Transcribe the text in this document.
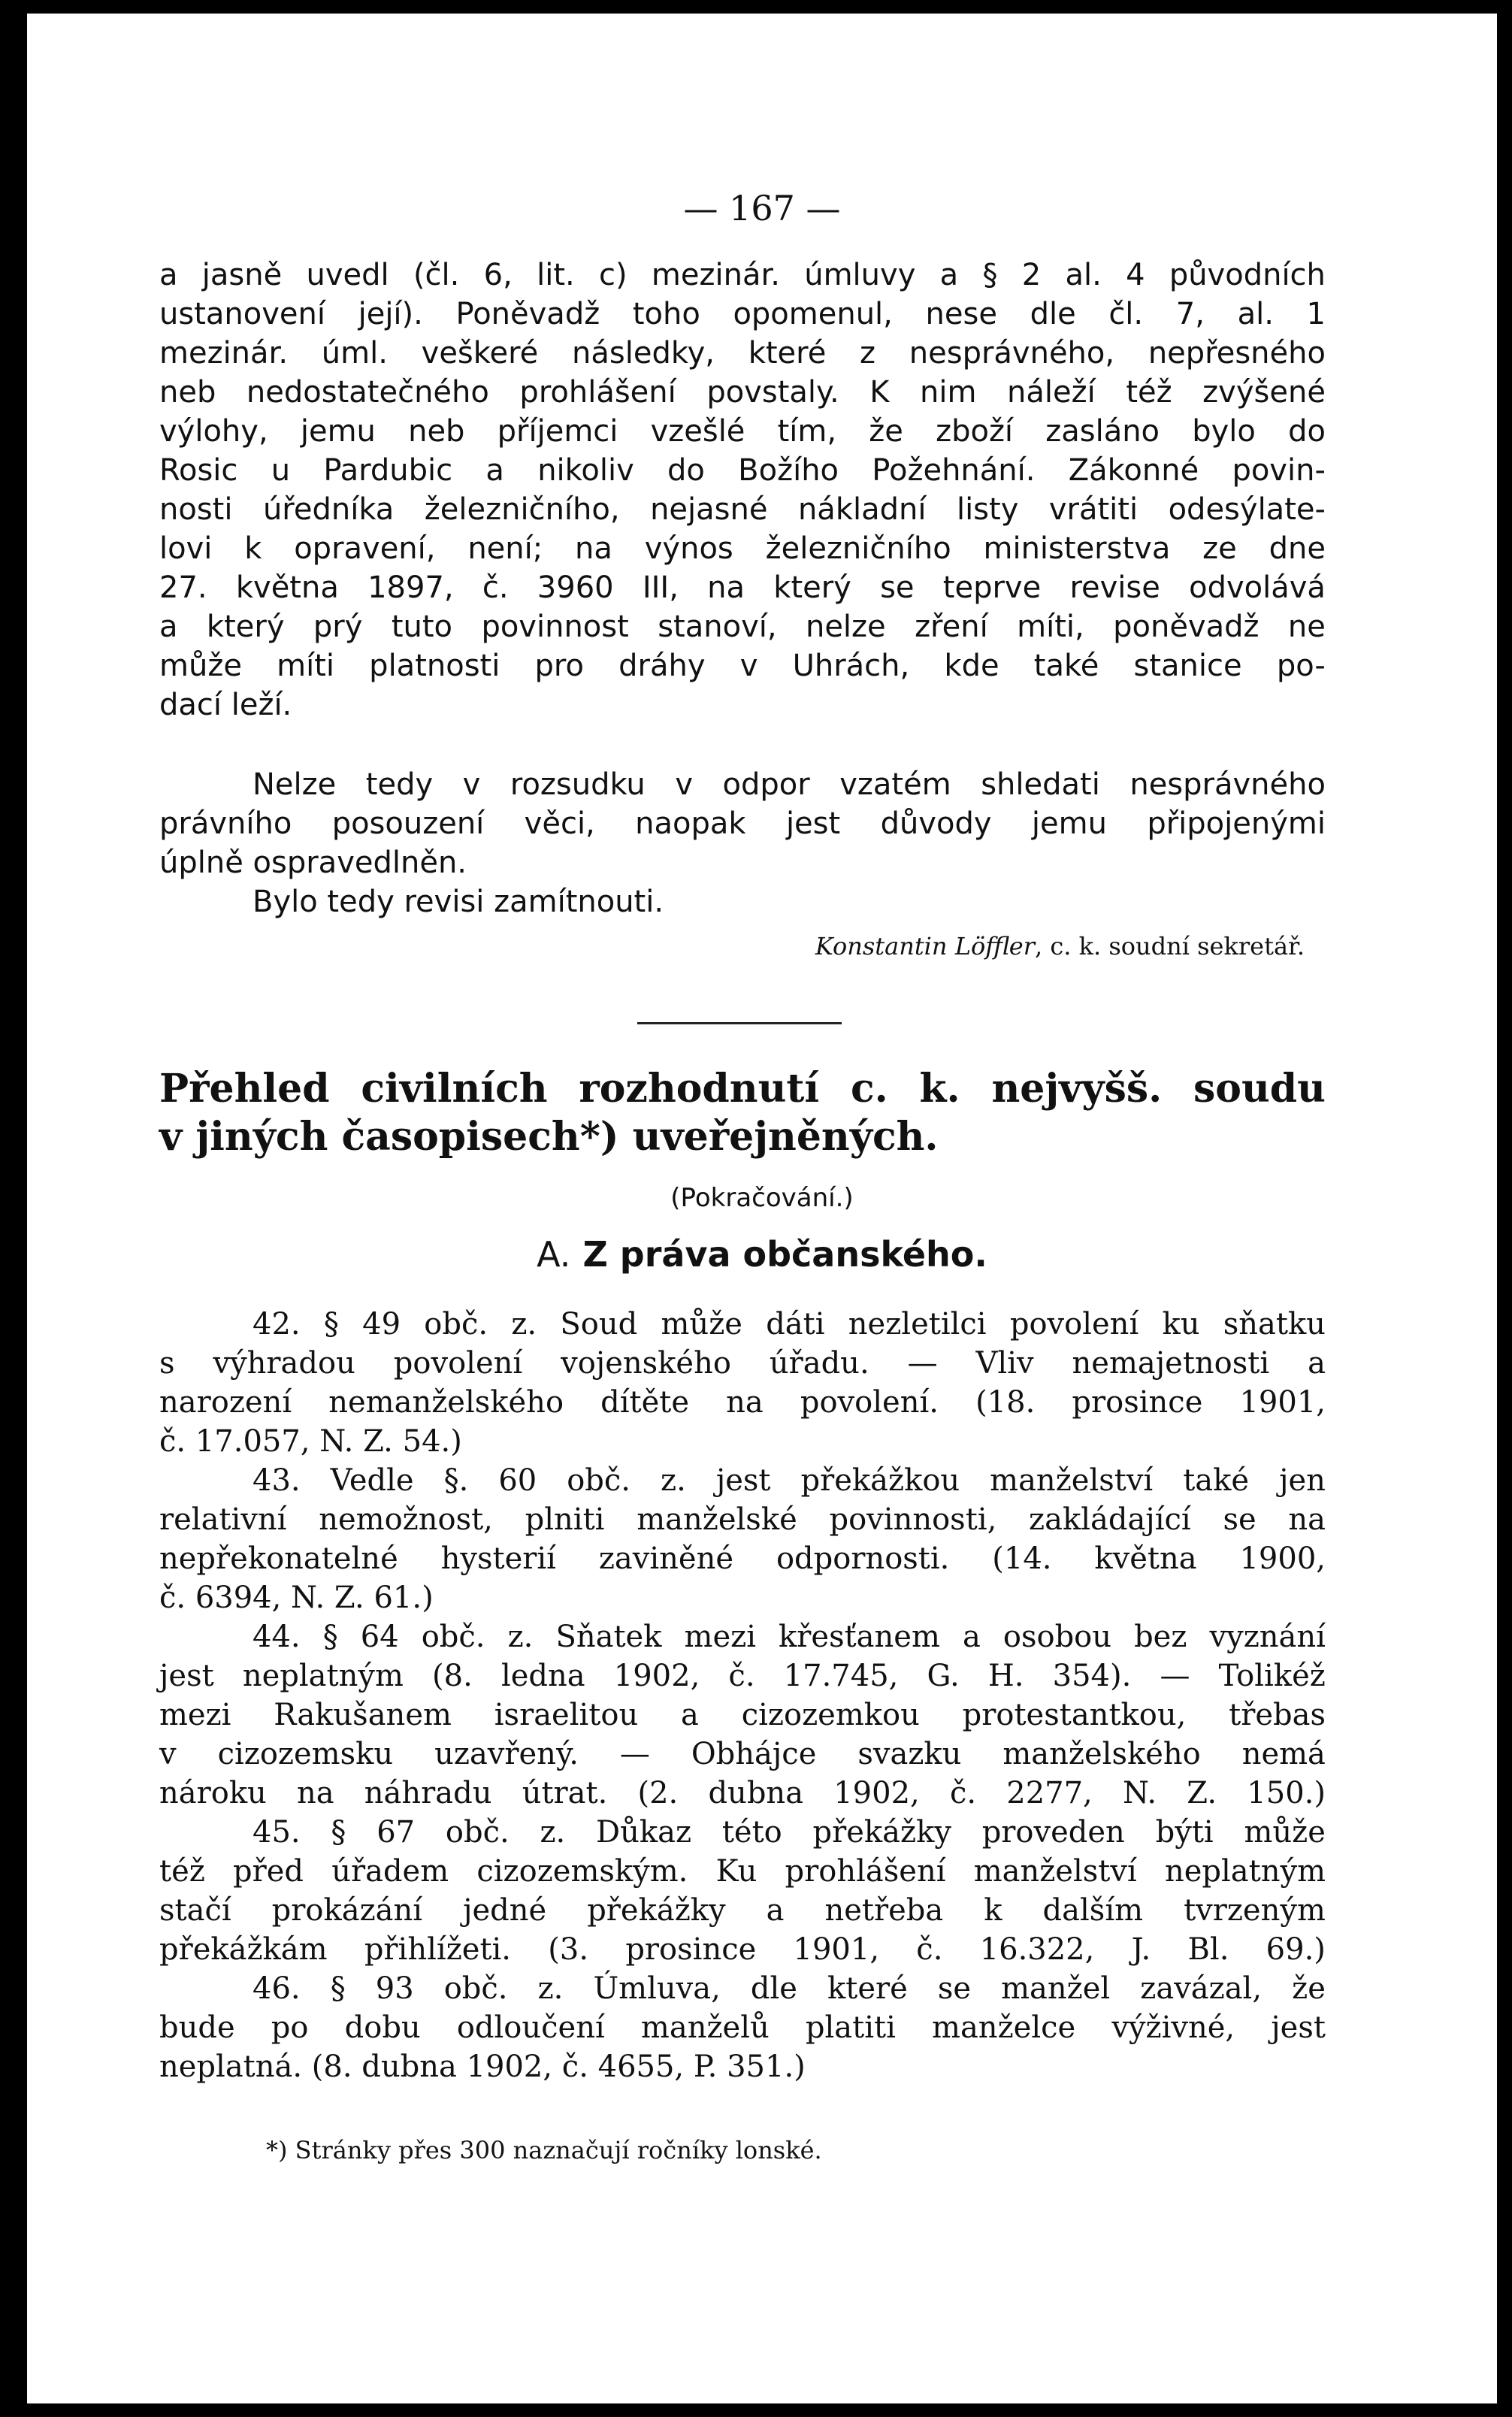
— 167 —
a jasně uvedl (čl. 6, lit. c) mezinár. úmluvy a § 2 al. 4 původních
ustanovení její). Poněvadž toho opomenul, nese dle čl. 7, al. 1
mezinár. úml. veškeré následky, které z nesprávného, nepřesného
neb nedostatečného prohlášení povstaly. K nim náleží též zvýšené
výlohy, jemu neb příjemci vzešlé tím, že zboží zasláno bylo do
Rosic u Pardubic a nikoliv do Božího Požehnání. Zákonné povin-
nosti úředníka železničního, nejasné nákladní listy vrátiti odesýlate-
lovi k opravení, není; na výnos železničního ministerstva ze dne
27. května 1897, č. 3960 III, na který se teprve revise odvolává
a který prý tuto povinnost stanoví, nelze zření míti, poněvadž ne
může míti platnosti pro dráhy v Uhrách, kde také stanice po-
dací leží.
Nelze tedy v rozsudku v odpor vzatém shledati nesprávného
právního posouzení věci, naopak jest důvody jemu připojenými
úplně ospravedlněn.
Bylo tedy revisi zamítnouti.
Konstantin Löffler, c. k. soudní sekretář.
Přehled civilních rozhodnutí c. k. nejvyšš. soudu
v jiných časopisech*) uveřejněných.
(Pokračování.)
A. Z práva občanského.
42. § 49 obč. z. Soud může dáti nezletilci povolení ku sňatku
s výhradou povolení vojenského úřadu. — Vliv nemajetnosti a
narození nemanželského dítěte na povolení. (18. prosince 1901,
č. 17.057, N. Z. 54.)
43. Vedle §. 60 obč. z. jest překážkou manželství také jen
relativní nemožnost, plniti manželské povinnosti, zakládající se na
nepřekonatelné hysterií zaviněné odpornosti. (14. května 1900,
č. 6394, N. Z. 61.)
44. § 64 obč. z. Sňatek mezi křesťanem a osobou bez vyznání
jest neplatným (8. ledna 1902, č. 17.745, G. H. 354). — Tolikéž
mezi Rakušanem israelitou a cizozemkou protestantkou, třebas
v cizozemsku uzavřený. — Obhájce svazku manželského nemá
nároku na náhradu útrat. (2. dubna 1902, č. 2277, N. Z. 150.)
45. § 67 obč. z. Důkaz této překážky proveden býti může
též před úřadem cizozemským. Ku prohlášení manželství neplatným
stačí prokázání jedné překážky a netřeba k dalším tvrzeným
překážkám přihlížeti. (3. prosince 1901, č. 16.322, J. Bl. 69.)
46. § 93 obč. z. Úmluva, dle které se manžel zavázal, že
bude po dobu odloučení manželů platiti manželce výživné, jest
neplatná. (8. dubna 1902, č. 4655, P. 351.)
*) Stránky přes 300 naznačují ročníky lonské.
